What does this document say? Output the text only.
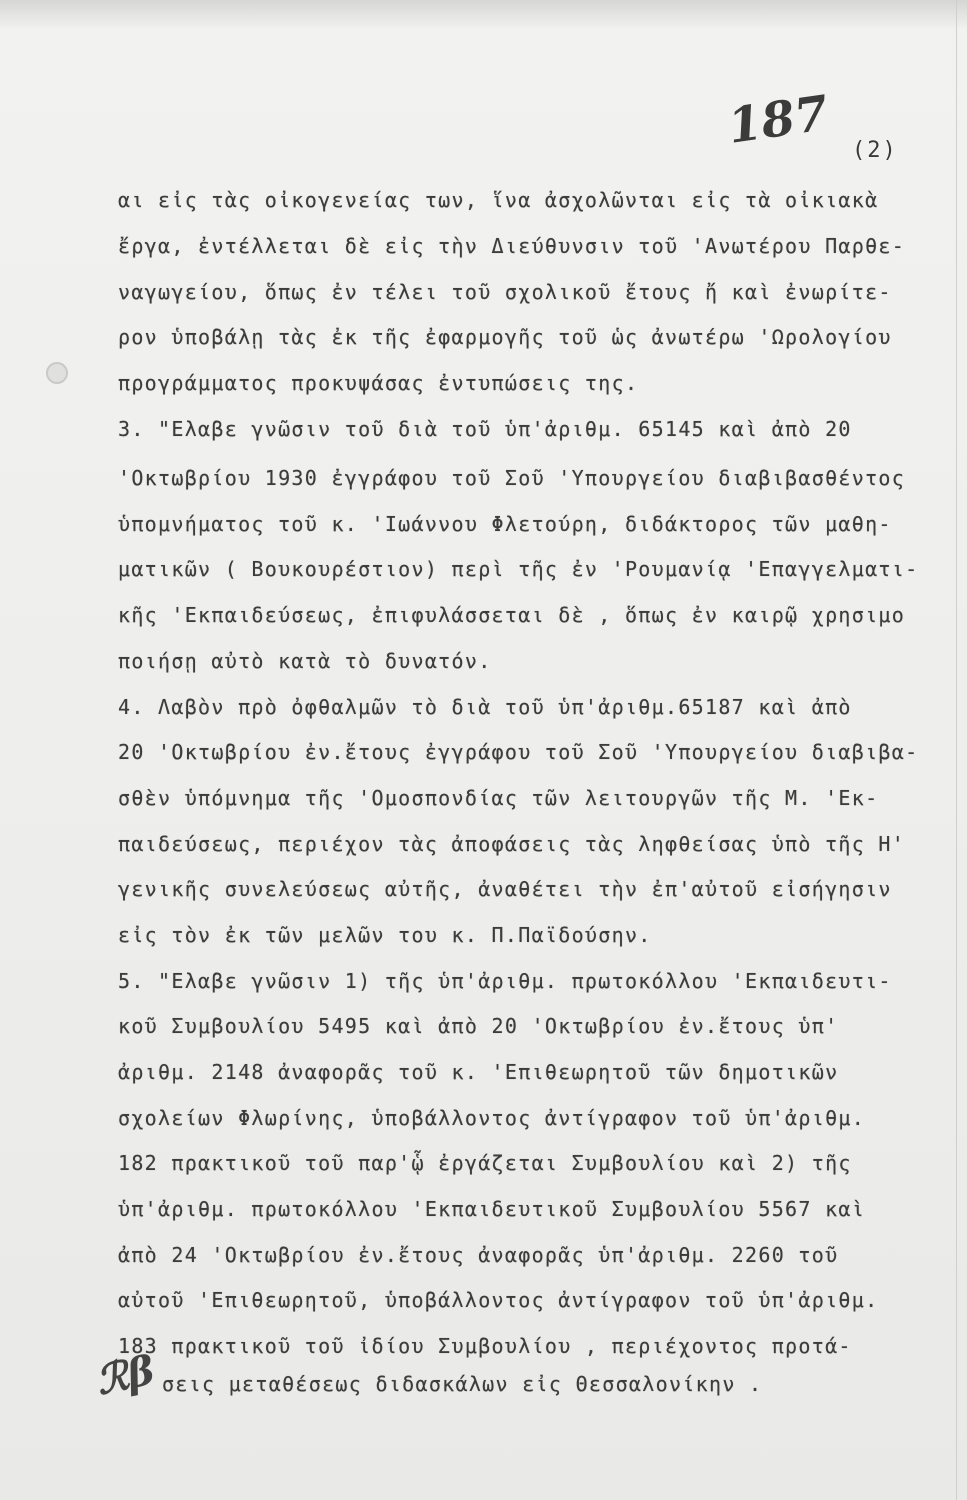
187 (2)
αι εἰς τὰς οἰκογενείας των, ἵνα ἀσχολῶνται εἰς τὰ οἰκιακὰ
ἔργα, ἐντέλλεται δὲ εἰς τὴν Διεύθυνσιν τοῦ 'Ανωτέρου Παρθε-
ναγωγείου, ὅπως ἐν τέλει τοῦ σχολικοῦ ἔτους ἤ καὶ ἐνωρίτε-
ρον ὑποβάλῃ τὰς ἐκ τῆς ἐφαρμογῆς τοῦ ὡς ἀνωτέρω 'Ωρολογίου
προγράμματος προκυψάσας ἐντυπώσεις της.
3. "Ελαβε γνῶσιν τοῦ διὰ τοῦ ὑπ'ἀριθμ. 65145 καὶ ἀπὸ 20
'Οκτωβρίου 1930 ἐγγράφου τοῦ Σοῦ 'Υπουργείου διαβιβασθέντος
ὑπομνήματος τοῦ κ. 'Ιωάννου Φλετούρη, διδάκτορος τῶν μαθη-
ματικῶν ( Βουκουρέστιον) περὶ τῆς ἐν 'Ρουμανίᾳ 'Επαγγελματι-
κῆς 'Εκπαιδεύσεως, ἐπιφυλάσσεται δὲ , ὅπως ἐν καιρῷ χρησιμο
ποιήσῃ αὐτὸ κατὰ τὸ δυνατόν.
4. Λαβὸν πρὸ ὀφθαλμῶν τὸ διὰ τοῦ ὑπ'ἀριθμ.65187 καὶ ἀπὸ
20 'Οκτωβρίου ἐν.ἔτους ἐγγράφου τοῦ Σοῦ 'Υπουργείου διαβιβα-
σθὲν ὑπόμνημα τῆς 'Ομοσπονδίας τῶν λειτουργῶν τῆς Μ. 'Εκ-
παιδεύσεως, περιέχον τὰς ἀποφάσεις τὰς ληφθείσας ὑπὸ τῆς Η'
γενικῆς συνελεύσεως αὐτῆς, ἀναθέτει τὴν ἐπ'αὐτοῦ εἰσήγησιν
εἰς τὸν ἐκ τῶν μελῶν του κ. Π.Παϊδούσην.
5. "Ελαβε γνῶσιν 1) τῆς ὑπ'ἀριθμ. πρωτοκόλλου 'Εκπαιδευτι-
κοῦ Συμβουλίου 5495 καὶ ἀπὸ 20 'Οκτωβρίου ἐν.ἔτους ὑπ'
ἀριθμ. 2148 ἀναφορᾶς τοῦ κ. 'Επιθεωρητοῦ τῶν δημοτικῶν
σχολείων Φλωρίνης, ὑποβάλλοντος ἀντίγραφον τοῦ ὑπ'ἀριθμ.
182 πρακτικοῦ τοῦ παρ'ᾧ ἐργάζεται Συμβουλίου καὶ 2) τῆς
ὑπ'ἀριθμ. πρωτοκόλλου 'Εκπαιδευτικοῦ Συμβουλίου 5567 καὶ
ἀπὸ 24 'Οκτωβρίου ἐν.ἔτους ἀναφορᾶς ὑπ'ἀριθμ. 2260 τοῦ
αὐτοῦ 'Επιθεωρητοῦ, ὑποβάλλοντος ἀντίγραφον τοῦ ὑπ'ἀριθμ.
183 πρακτικοῦ τοῦ ἰδίου Συμβουλίου , περιέχοντος προτά-
σεις μεταθέσεως διδασκάλων εἰς Θεσσαλονίκην .
ℛβ
